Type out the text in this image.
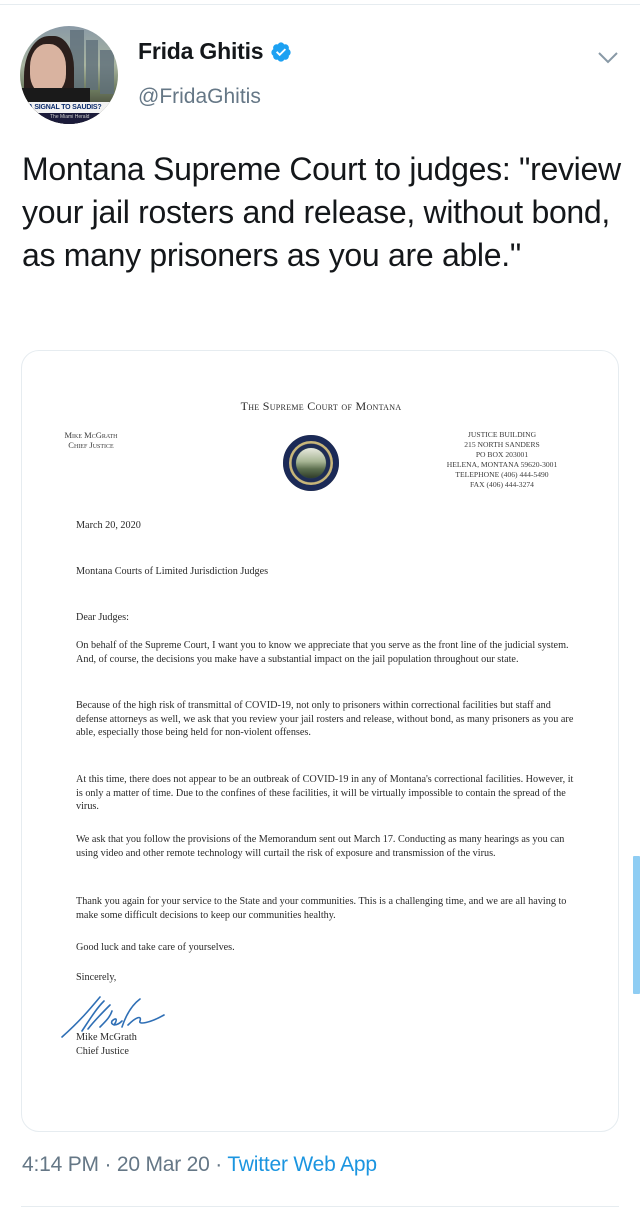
A SIGNAL TO SAUDIS?
The Miami Herald
Frida Ghitis
@FridaGhitis
Montana Supreme Court to judges: "review your jail rosters and release, without bond, as many prisoners as you are able."
The Supreme Court of Montana
Mike McGrath
Chief Justice
JUSTICE BUILDING
215 NORTH SANDERS
PO BOX 203001
HELENA, MONTANA 59620-3001
TELEPHONE (406) 444-5490
FAX (406) 444-3274
March 20, 2020
Montana Courts of Limited Jurisdiction Judges
Dear Judges:
On behalf of the Supreme Court, I want you to know we appreciate that you serve as the front line of the judicial system. And, of course, the decisions you make have a substantial impact on the jail population throughout our state.
Because of the high risk of transmittal of COVID-19, not only to prisoners within correctional facilities but staff and defense attorneys as well, we ask that you review your jail rosters and release, without bond, as many prisoners as you are able, especially those being held for non-violent offenses.
At this time, there does not appear to be an outbreak of COVID-19 in any of Montana's correctional facilities. However, it is only a matter of time. Due to the confines of these facilities, it will be virtually impossible to contain the spread of the virus.
We ask that you follow the provisions of the Memorandum sent out March 17. Conducting as many hearings as you can using video and other remote technology will curtail the risk of exposure and transmission of the virus.
Thank you again for your service to the State and your communities. This is a challenging time, and we are all having to make some difficult decisions to keep our communities healthy.
Good luck and take care of yourselves.
Sincerely,
Mike McGrath
Chief Justice
4:14 PM · 20 Mar 20 · Twitter Web App
